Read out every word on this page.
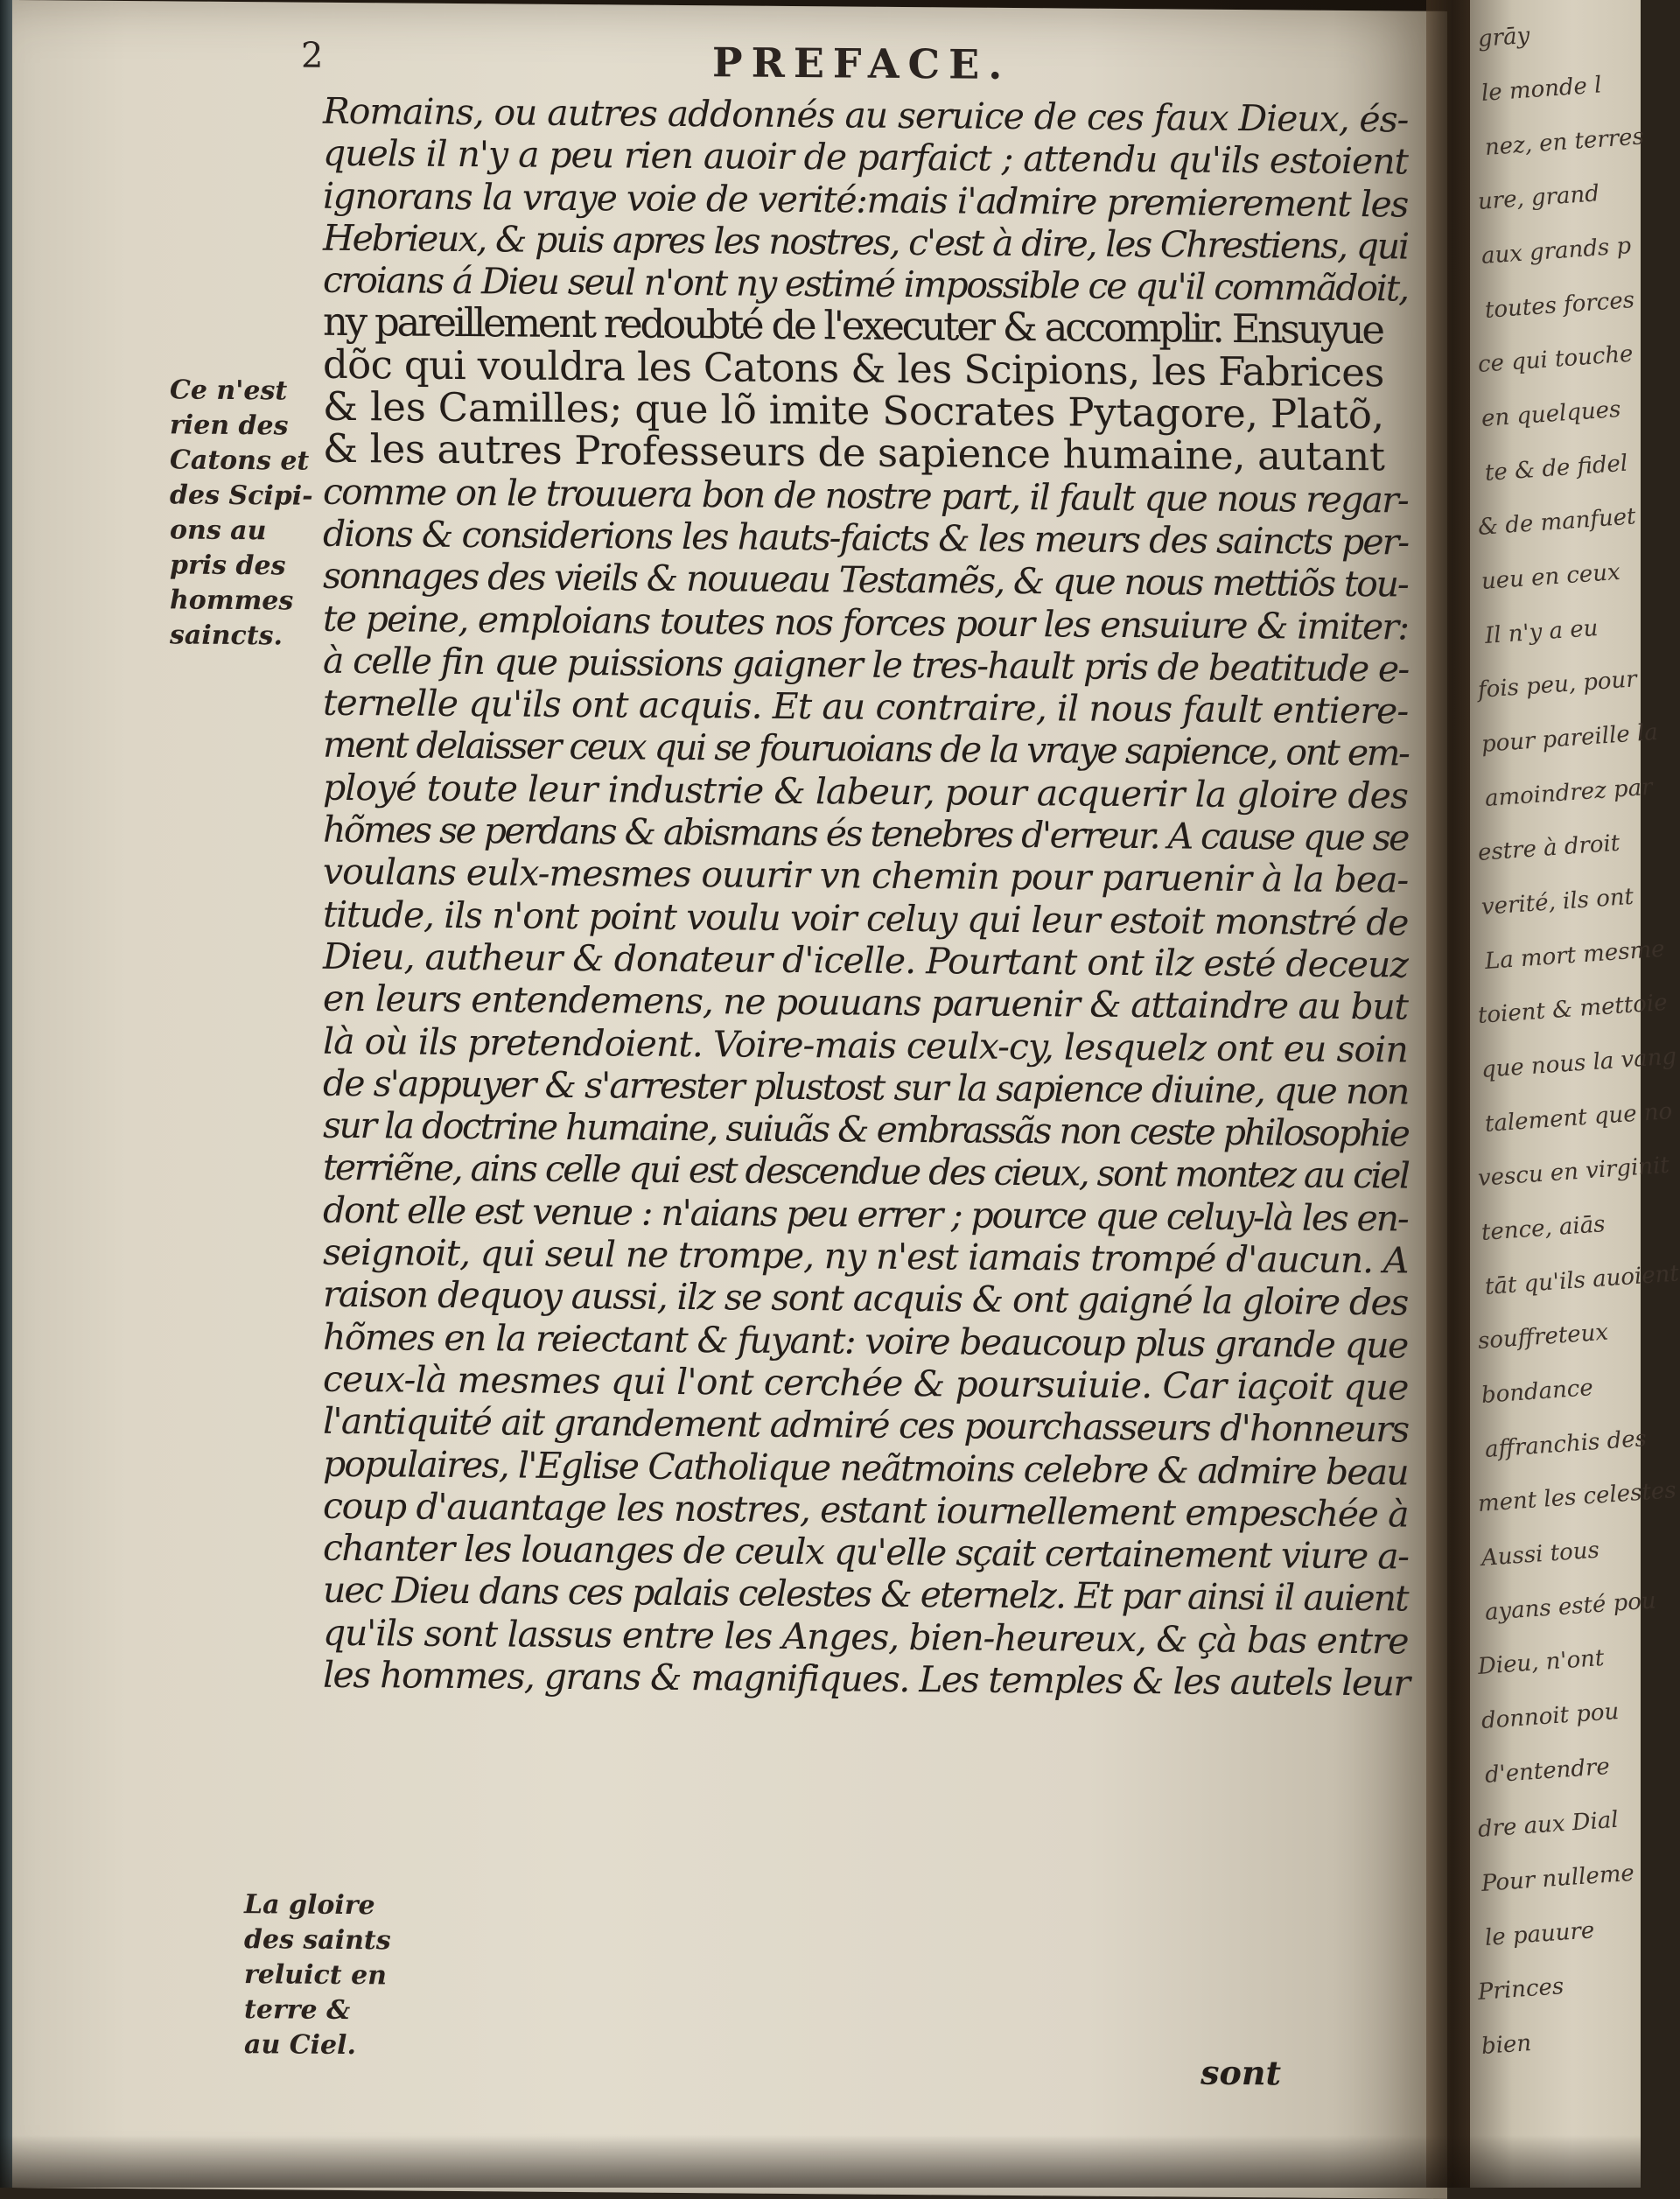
2	PREFACE.
Ce n'est
rien des
Catons et
des Scipi-
ons au
pris des
hommes
saincts.
La gloire
des saints
reluict en
terre &
au Ciel.
Romains, ou autres addonnés au seruice de ces faux Dieux, és-
quels il n'y a peu rien auoir de parfaict ; attendu qu'ils estoient
ignorans la vraye voie de verité:mais i'admire premierement les
Hebrieux, & puis apres les nostres, c'est à dire, les Chrestiens, qui
croians á Dieu seul n'ont ny estimé impossible ce qu'il commãdoit,
ny pareillement redoubté de l'executer & accomplir. Ensuyue
dõc qui vouldra les Catons & les Scipions, les Fabrices
& les Camilles; que lõ imite Socrates Pytagore, Platõ,
& les autres Professeurs de sapience humaine, autant
comme on le trouuera bon de nostre part, il fault que nous regar-
dions & considerions les hauts-faicts & les meurs des saincts per-
sonnages des vieils & nouueau Testamẽs, & que nous mettiõs tou-
te peine, emploians toutes nos forces pour les ensuiure & imiter:
à celle fin que puissions gaigner le tres-hault pris de beatitude e-
ternelle qu'ils ont acquis. Et au contraire, il nous fault entiere-
ment delaisser ceux qui se fouruoians de la vraye sapience, ont em-
ployé toute leur industrie & labeur, pour acquerir la gloire des
hõmes se perdans & abismans és tenebres d'erreur. A cause que se
voulans eulx-mesmes ouurir vn chemin pour paruenir à la bea-
titude, ils n'ont point voulu voir celuy qui leur estoit monstré de
Dieu, autheur & donateur d'icelle. Pourtant ont ilz esté deceuz
en leurs entendemens, ne pouuans paruenir & attaindre au but
là où ils pretendoient. Voire-mais ceulx-cy, lesquelz ont eu soin
de s'appuyer & s'arrester plustost sur la sapience diuine, que non
sur la doctrine humaine, suiuãs & embrassãs non ceste philosophie
terriẽne, ains celle qui est descendue des cieux, sont montez au ciel
dont elle est venue : n'aians peu errer ; pource que celuy-là les en-
seignoit, qui seul ne trompe, ny n'est iamais trompé d'aucun. A
raison dequoy aussi, ilz se sont acquis & ont gaigné la gloire des
hõmes en la reiectant & fuyant: voire beaucoup plus grande que
ceux-là mesmes qui l'ont cerchée & poursuiuie. Car iaçoit que
l'antiquité ait grandement admiré ces pourchasseurs d'honneurs
populaires, l'Eglise Catholique neãtmoins celebre & admire beau
coup d'auantage les nostres, estant iournellement empeschée à
chanter les louanges de ceulx qu'elle sçait certainement viure a-
uec Dieu dans ces palais celestes & eternelz. Et par ainsi il auient
qu'ils sont lassus entre les Anges, bien-heureux, & çà bas entre
les hommes, grans & magnifiques. Les temples & les autels leur
sont
grāy
le monde l
nez, en terres
ure, grand
aux grands p
toutes forces
ce qui touche
en quelques
te & de fidel
& de manfuet
ueu en ceux
Il n'y a eu
fois peu, pour
pour pareille la
amoindrez par
estre à droit
verité, ils ont
La mort mesme
toient & mettoie
que nous la vang
talement que no
vescu en virginit
tence, aiās
tāt qu'ils auoient
souffreteux
bondance
affranchis des
ment les celestes
Aussi tous
ayans esté pou
Dieu, n'ont
donnoit pou
d'entendre
dre aux Dial
Pour nulleme
le pauure
Princes
bien
